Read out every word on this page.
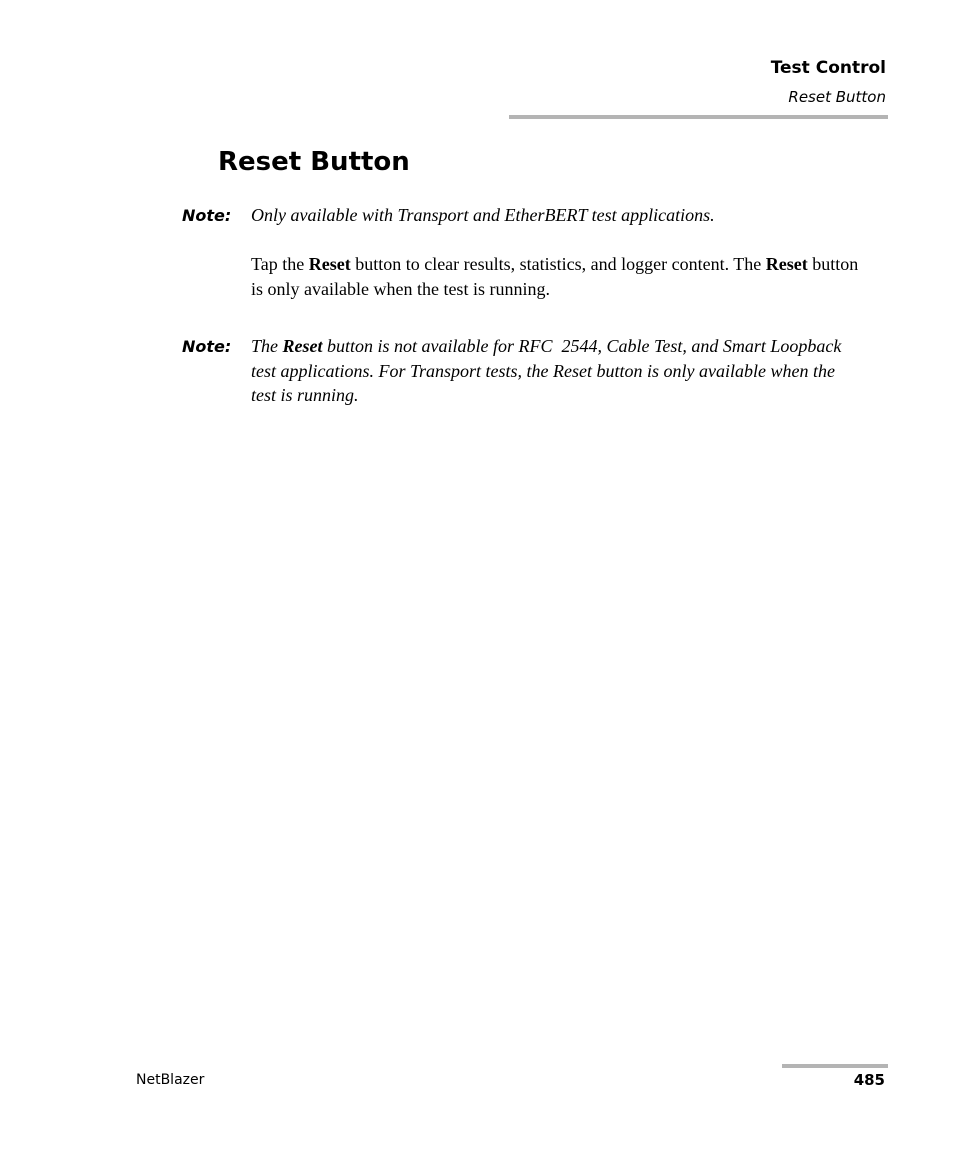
Test Control
Reset Button
Reset Button
Note: Only available with Transport and EtherBERT test applications.

Tap the Reset button to clear results, statistics, and logger content. The Reset button is only available when the test is running.

Note: The Reset button is not available for RFC  2544, Cable Test, and Smart Loopback test applications. For Transport tests, the Reset button is only available when the test is running.

NetBlazer	485
